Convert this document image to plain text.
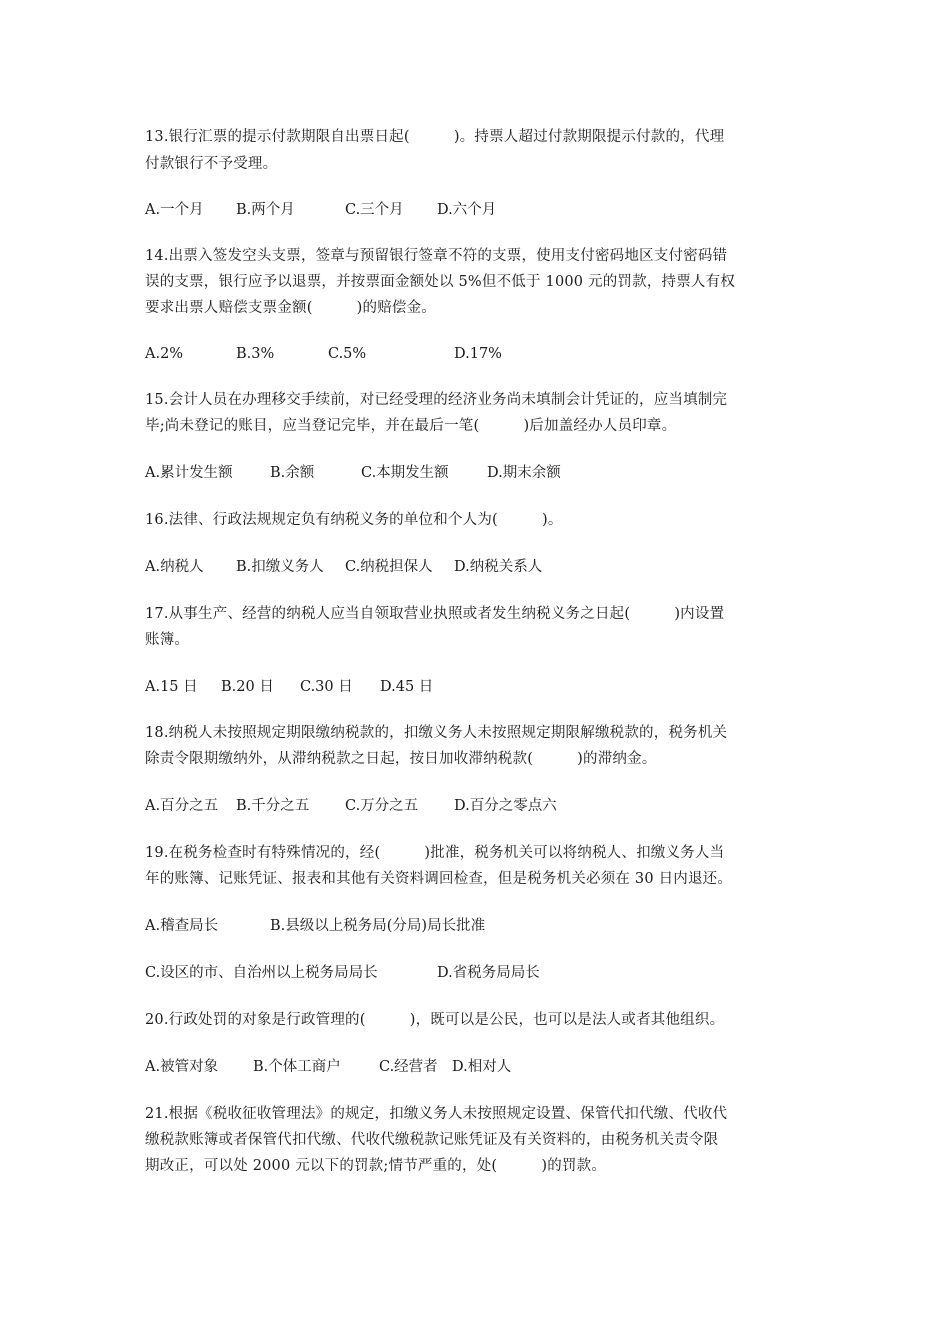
13.银行汇票的提示付款期限自出票日起(　　　)。持票人超过付款期限提示付款的，代理
付款银行不予受理。
A.一个月 B.两个月	C.三个月 D.六个月
14.出票入签发空头支票，签章与预留银行签章不符的支票，使用支付密码地区支付密码错
误的支票，银行应予以退票，并按票面金额处以 5%但不低于 1000 元的罚款，持票人有权
要求出票人赔偿支票金额(　　　)的赔偿金。
A.2%	B.3%	C.5%	D.17%
15.会计人员在办理移交手续前，对已经受理的经济业务尚未填制会计凭证的，应当填制完
毕;尚未登记的账目，应当登记完毕，并在最后一笔(　　　)后加盖经办人员印章。
A.累计发生额	B.余额	C.本期发生额	D.期末余额
16.法律、行政法规规定负有纳税义务的单位和个人为(　　　)。
A.纳税人 B.扣缴义务人 C.纳税担保人 D.纳税关系人
17.从事生产、经营的纳税人应当自领取营业执照或者发生纳税义务之日起(　　　)内设置
账簿。
A.15 日 B.20 日 C.30 日 D.45 日
18.纳税人未按照规定期限缴纳税款的，扣缴义务人未按照规定期限解缴税款的，税务机关
除责令限期缴纳外，从滞纳税款之日起，按日加收滞纳税款(　　　)的滞纳金。
A.百分之五 B.千分之五 C.万分之五 D.百分之零点六
19.在税务检查时有特殊情况的，经(　　　)批准，税务机关可以将纳税人、扣缴义务人当
年的账簿、记账凭证、报表和其他有关资料调回检查，但是税务机关必须在 30 日内退还。
A.稽查局长	B.县级以上税务局(分局)局长批准
C.设区的市、自治州以上税务局局长	D.省税务局局长
20.行政处罚的对象是行政管理的(　　　)，既可以是公民，也可以是法人或者其他组织。
A.被管对象 B.个体工商户	C.经营者 D.相对人
21.根据《税收征收管理法》的规定，扣缴义务人未按照规定设置、保管代扣代缴、代收代
缴税款账簿或者保管代扣代缴、代收代缴税款记账凭证及有关资料的，由税务机关责令限
期改正，可以处 2000 元以下的罚款;情节严重的，处(　　　)的罚款。
